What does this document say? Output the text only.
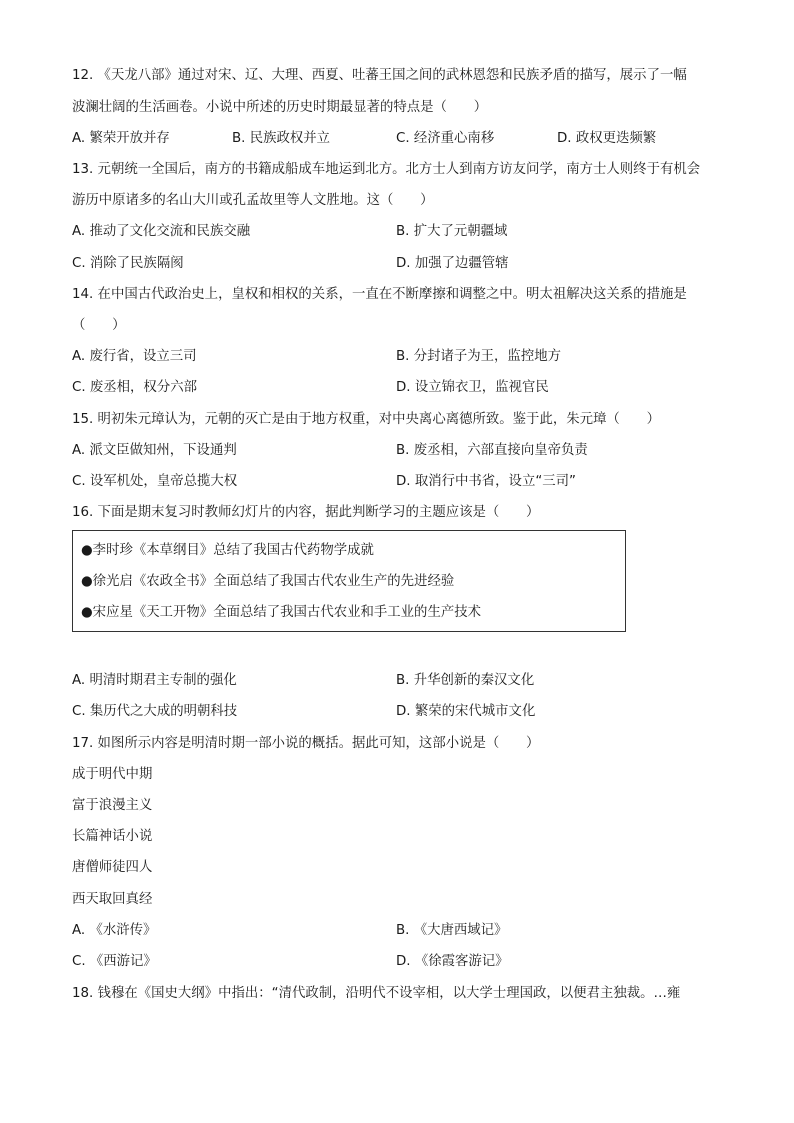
12. 《天龙八部》通过对宋、辽、大理、西夏、吐蕃王国之间的武林恩怨和民族矛盾的描写，展示了一幅
波澜壮阔的生活画卷。小说中所述的历史时期最显著的特点是（　　）
A. 繁荣开放并存	B. 民族政权并立	C. 经济重心南移	D. 政权更迭频繁
13. 元朝统一全国后，南方的书籍成船成车地运到北方。北方士人到南方访友问学，南方士人则终于有机会
游历中原诸多的名山大川或孔孟故里等人文胜地。这（　　）
A. 推动了文化交流和民族交融	B. 扩大了元朝疆域
C. 消除了民族隔阂	D. 加强了边疆管辖
14. 在中国古代政治史上，皇权和相权的关系，一直在不断摩擦和调整之中。明太祖解决这关系的措施是
（　　）
A. 废行省，设立三司	B. 分封诸子为王，监控地方
C. 废丞相，权分六部	D. 设立锦衣卫，监视官民
15. 明初朱元璋认为，元朝的灭亡是由于地方权重，对中央离心离德所致。鉴于此，朱元璋（　　）
A. 派文臣做知州，下设通判	B. 废丞相，六部直接向皇帝负责
C. 设军机处，皇帝总揽大权	D. 取消行中书省，设立“三司”
16. 下面是期末复习时教师幻灯片的内容，据此判断学习的主题应该是（　　）
●李时珍《本草纲目》总结了我国古代药物学成就
●徐光启《农政全书》全面总结了我国古代农业生产的先进经验
●宋应星《天工开物》全面总结了我国古代农业和手工业的生产技术
A. 明清时期君主专制的强化	B. 升华创新的秦汉文化
C. 集历代之大成的明朝科技	D. 繁荣的宋代城市文化
17. 如图所示内容是明清时期一部小说的概括。据此可知，这部小说是（　　）
成于明代中期
富于浪漫主义
长篇神话小说
唐僧师徒四人
西天取回真经
A. 《水浒传》	B. 《大唐西域记》
C. 《西游记》	D. 《徐霞客游记》
18. 钱穆在《国史大纲》中指出：“清代政制，沿明代不设宰相，以大学士理国政，以便君主独裁。…雍
